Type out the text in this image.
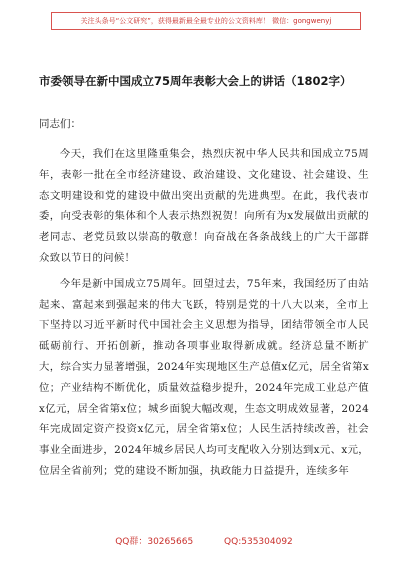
关注头条号“公文研究”，获得最新最全最专业的公文资料库！ 微信：gongwenyj
市委领导在新中国成立75周年表彰大会上的讲话（1802字）
同志们：

今天，我们在这里隆重集会，热烈庆祝中华人民共和国成立75周年，表彰一批在全市经济建设、政治建设、文化建设、社会建设、生态文明建设和党的建设中做出突出贡献的先进典型。在此，我代表市委，向受表彰的集体和个人表示热烈祝贺！向所有为x发展做出贡献的老同志、老党员致以崇高的敬意！向奋战在各条战线上的广大干部群众致以节日的问候！

今年是新中国成立75周年。回望过去，75年来，我国经历了由站起来、富起来到强起来的伟大飞跃，特别是党的十八大以来，全市上下坚持以习近平新时代中国社会主义思想为指导，团结带领全市人民砥砺前行、开拓创新，推动各项事业取得新成就。经济总量不断扩大，综合实力显著增强，2024年实现地区生产总值x亿元，居全省第x位；产业结构不断优化，质量效益稳步提升，2024年完成工业总产值x亿元，居全省第x位；城乡面貌大幅改观，生态文明成效显著，2024年完成固定资产投资x亿元，居全省第x位；人民生活持续改善，社会事业全面进步，2024年城乡居民人均可支配收入分别达到x元、x元，位居全省前列；党的建设不断加强，执政能力日益提升，连续多年

QQ群：30265665	QQ:535304092
